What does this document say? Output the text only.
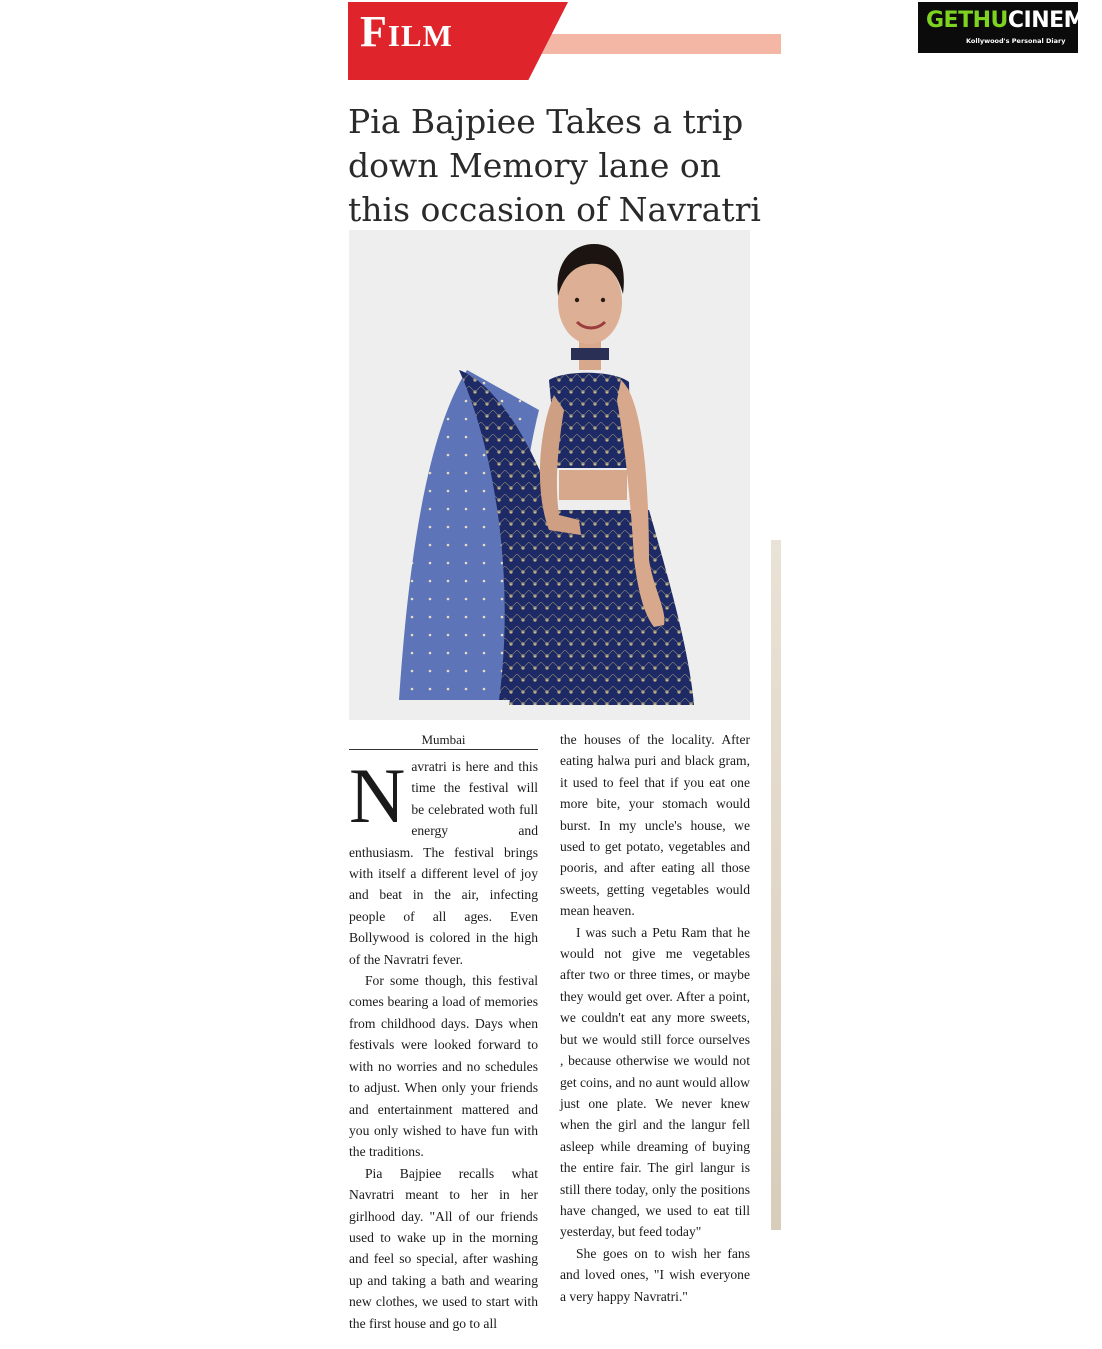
Film
Pia Bajpiee Takes a trip down Memory lane on this occasion of Navratri
Mumbai

N avratri is here and this time the festival will be celebrated woth full energy and enthusiasm. The festival brings with itself a different level of joy and beat in the air, infecting people of all ages. Even Bollywood is colored in the high of the Navratri fever.

For some though, this festival comes bearing a load of memories from childhood days. Days when festivals were looked forward to with no worries and no schedules to adjust. When only your friends and entertainment mattered and you only wished to have fun with the traditions.

Pia Bajpiee recalls what Navratri meant to her in her girlhood day. "All of our friends used to wake up in the morning and feel so special, after washing up and taking a bath and wearing new clothes, we used to start with the first house and go to all

the houses of the locality. After eating halwa puri and black gram, it used to feel that if you eat one more bite, your stomach would burst. In my uncle's house, we used to get potato, vegetables and pooris, and after eating all those sweets, getting vegetables would mean heaven.

I was such a Petu Ram that he would not give me vegetables after two or three times, or maybe they would get over. After a point, we couldn't eat any more sweets, but we would still force ourselves , because otherwise we would not get coins, and no aunt would allow just one plate. We never knew when the girl and the langur fell asleep while dreaming of buying the entire fair. The girl langur is still there today, only the positions have changed, we used to eat till yesterday, but feed today"

She goes on to wish her fans and loved ones, "I wish everyone a very happy Navratri."

GETHUCINEMA
Kollywood's Personal Diary
